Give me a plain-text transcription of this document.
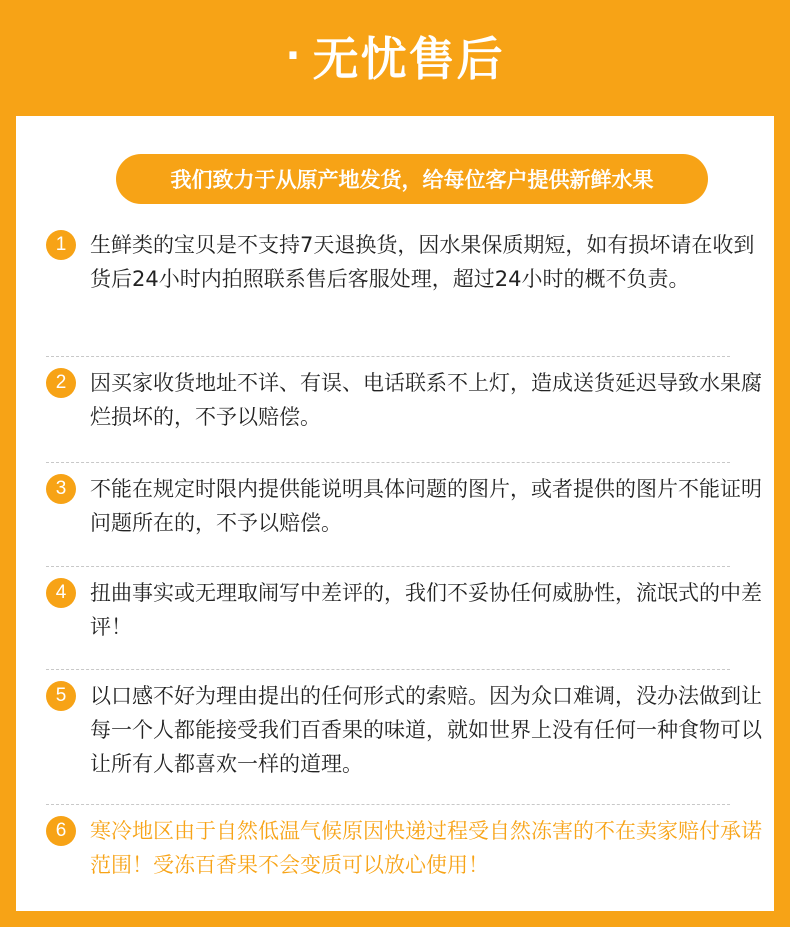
· 无忧售后
我们致力于从原产地发货，给每位客户提供新鲜水果
1	生鲜类的宝贝是不支持7天退换货，因水果保质期短，如有损坏请在收到货后24小时内拍照联系售后客服处理，超过24小时的概不负责。
2	因买家收货地址不详、有误、电话联系不上灯，造成送货延迟导致水果腐烂损坏的，不予以赔偿。
3	不能在规定时限内提供能说明具体问题的图片，或者提供的图片不能证明问题所在的，不予以赔偿。
4	扭曲事实或无理取闹写中差评的，我们不妥协任何威胁性，流氓式的中差评！
5	以口感不好为理由提出的任何形式的索赔。因为众口难调，没办法做到让每一个人都能接受我们百香果的味道，就如世界上没有任何一种食物可以让所有人都喜欢一样的道理。
6	寒冷地区由于自然低温气候原因快递过程受自然冻害的不在卖家赔付承诺范围！受冻百香果不会变质可以放心使用！
